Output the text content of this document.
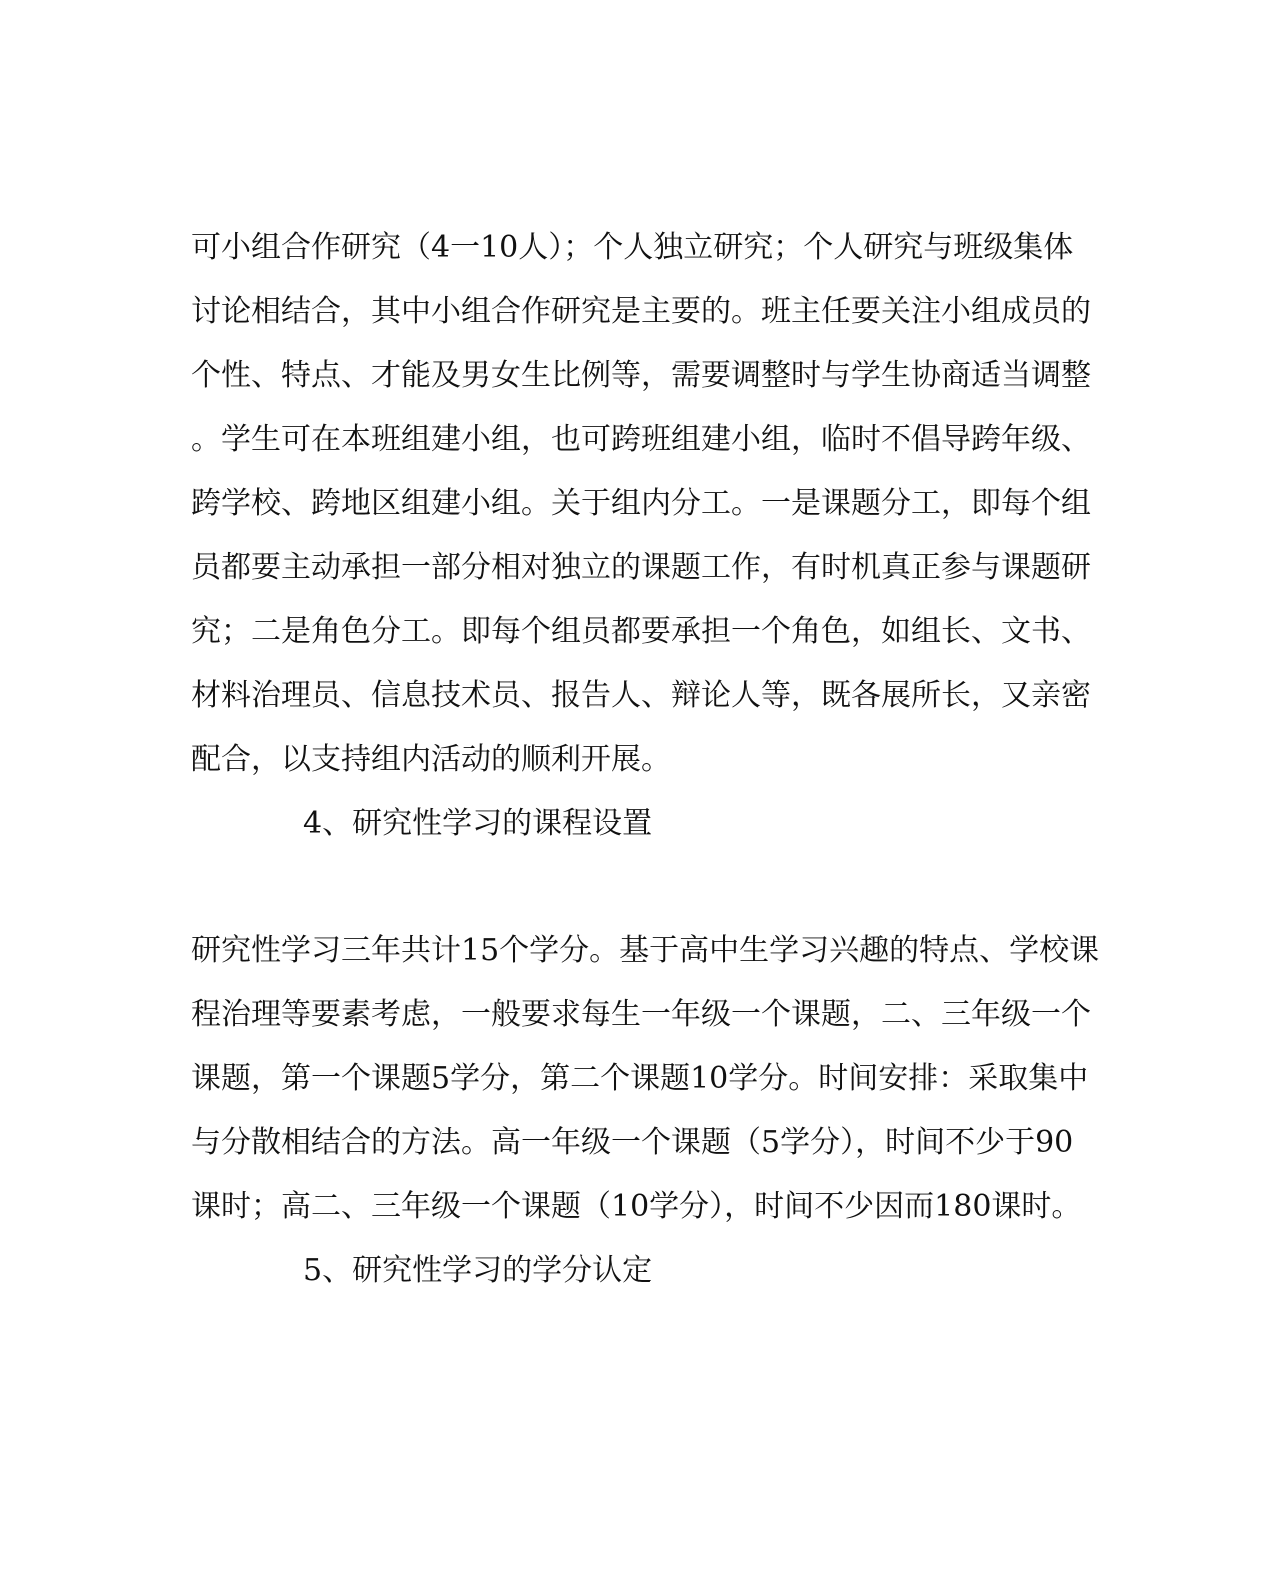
可小组合作研究（4一10人）；个人独立研究；个人研究与班级集体
讨论相结合，其中小组合作研究是主要的。班主任要关注小组成员的
个性、特点、才能及男女生比例等，需要调整时与学生协商适当调整
。学生可在本班组建小组，也可跨班组建小组，临时不倡导跨年级、
跨学校、跨地区组建小组。关于组内分工。一是课题分工，即每个组
员都要主动承担一部分相对独立的课题工作，有时机真正参与课题研
究；二是角色分工。即每个组员都要承担一个角色，如组长、文书、
材料治理员、信息技术员、报告人、辩论人等，既各展所长，又亲密
配合，以支持组内活动的顺利开展。
4、研究性学习的课程设置
研究性学习三年共计15个学分。基于高中生学习兴趣的特点、学校课
程治理等要素考虑，一般要求每生一年级一个课题，二、三年级一个
课题，第一个课题5学分，第二个课题10学分。时间安排：采取集中
与分散相结合的方法。高一年级一个课题（5学分），时间不少于90
课时；高二、三年级一个课题（10学分），时间不少因而180课时。
5、研究性学习的学分认定
